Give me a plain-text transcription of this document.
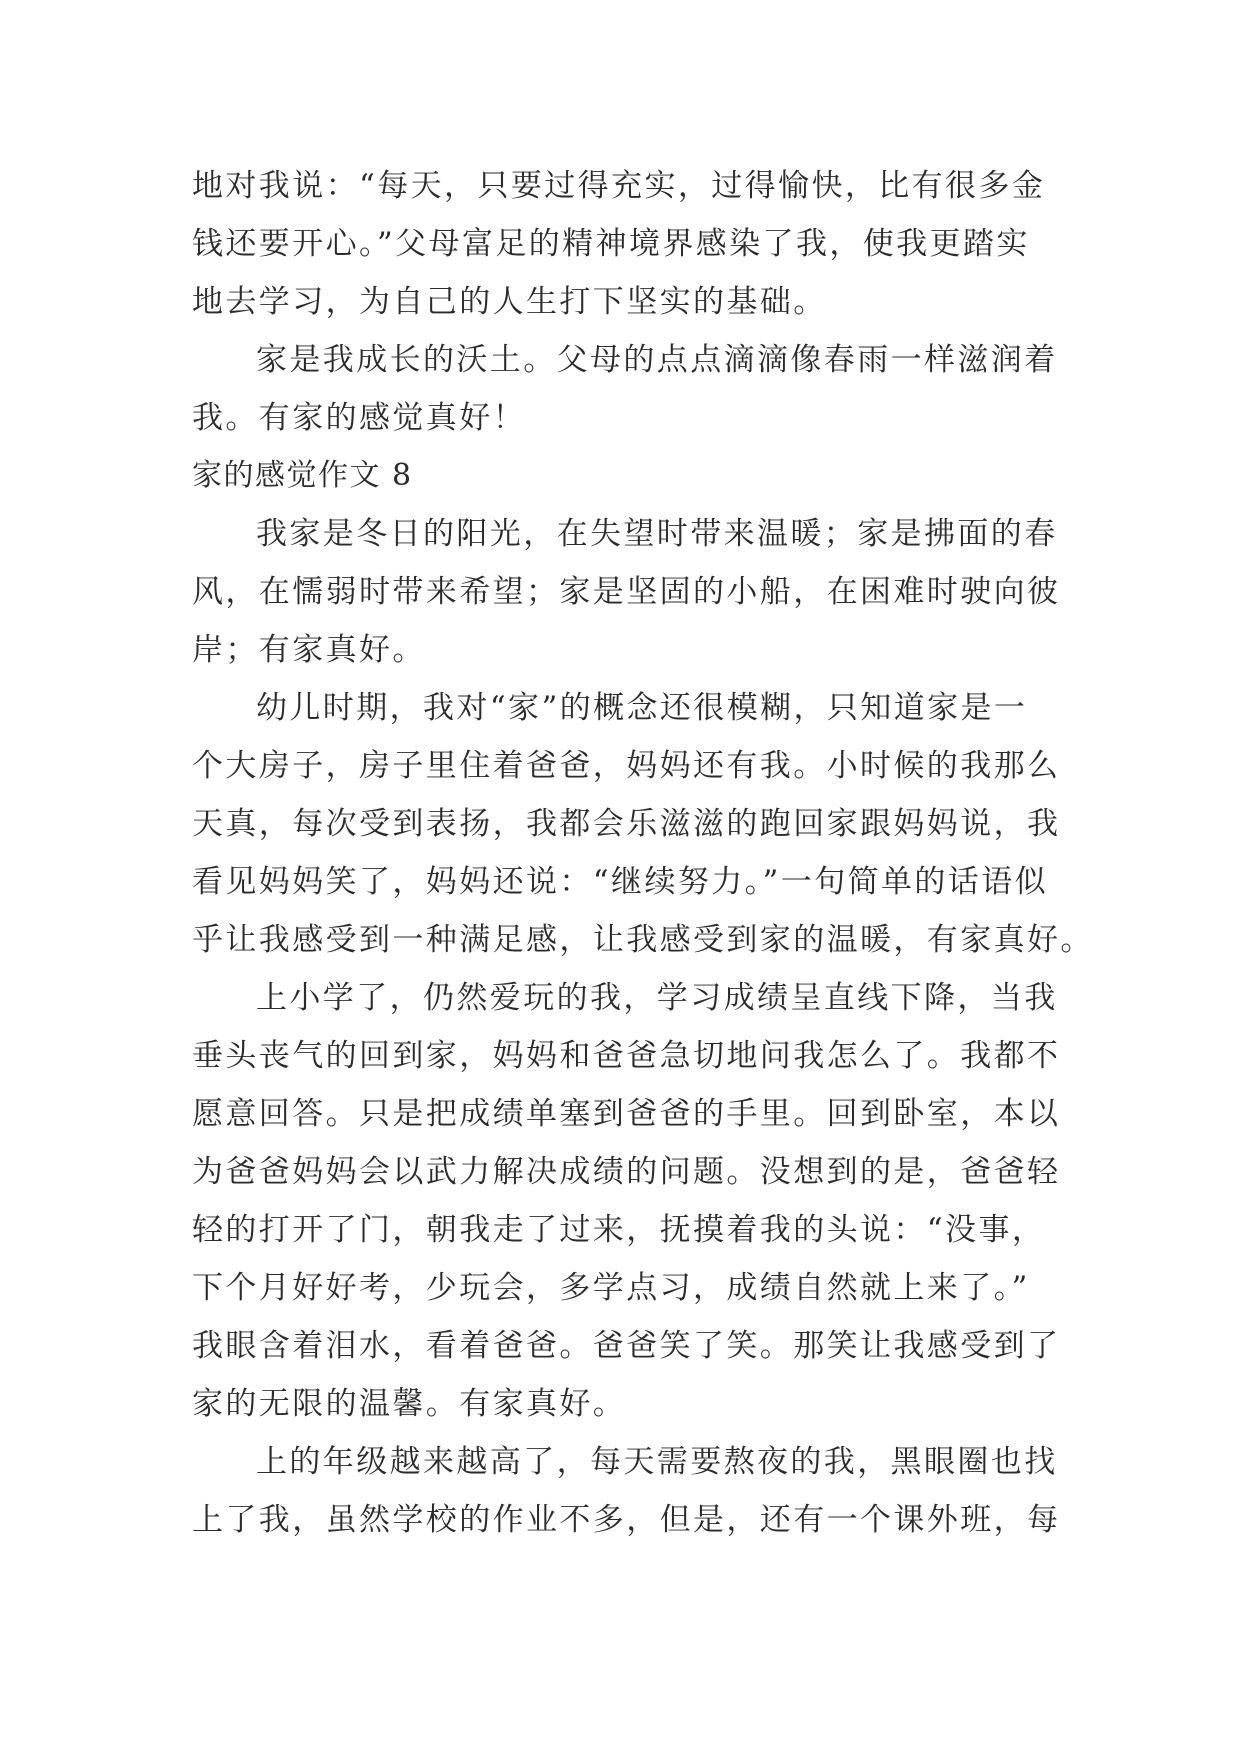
地对我说：“每天，只要过得充实，过得愉快，比有很多金
钱还要开心。”父母富足的精神境界感染了我，使我更踏实
地去学习，为自己的人生打下坚实的基础。

家是我成长的沃土。父母的点点滴滴像春雨一样滋润着
我。有家的感觉真好！

家的感觉作文 8

我家是冬日的阳光，在失望时带来温暖；家是拂面的春
风，在懦弱时带来希望；家是坚固的小船，在困难时驶向彼
岸；有家真好。

幼儿时期，我对“家”的概念还很模糊，只知道家是一
个大房子，房子里住着爸爸，妈妈还有我。小时候的我那么
天真，每次受到表扬，我都会乐滋滋的跑回家跟妈妈说，我
看见妈妈笑了，妈妈还说：“继续努力。”一句简单的话语似
乎让我感受到一种满足感，让我感受到家的温暖，有家真好。

上小学了，仍然爱玩的我，学习成绩呈直线下降，当我
垂头丧气的回到家，妈妈和爸爸急切地问我怎么了。我都不
愿意回答。只是把成绩单塞到爸爸的手里。回到卧室，本以
为爸爸妈妈会以武力解决成绩的问题。没想到的是，爸爸轻
轻的打开了门，朝我走了过来，抚摸着我的头说：“没事，
下个月好好考，少玩会，多学点习，成绩自然就上来了。”
我眼含着泪水，看着爸爸。爸爸笑了笑。那笑让我感受到了
家的无限的温馨。有家真好。

上的年级越来越高了，每天需要熬夜的我，黑眼圈也找
上了我，虽然学校的作业不多，但是，还有一个课外班，每
